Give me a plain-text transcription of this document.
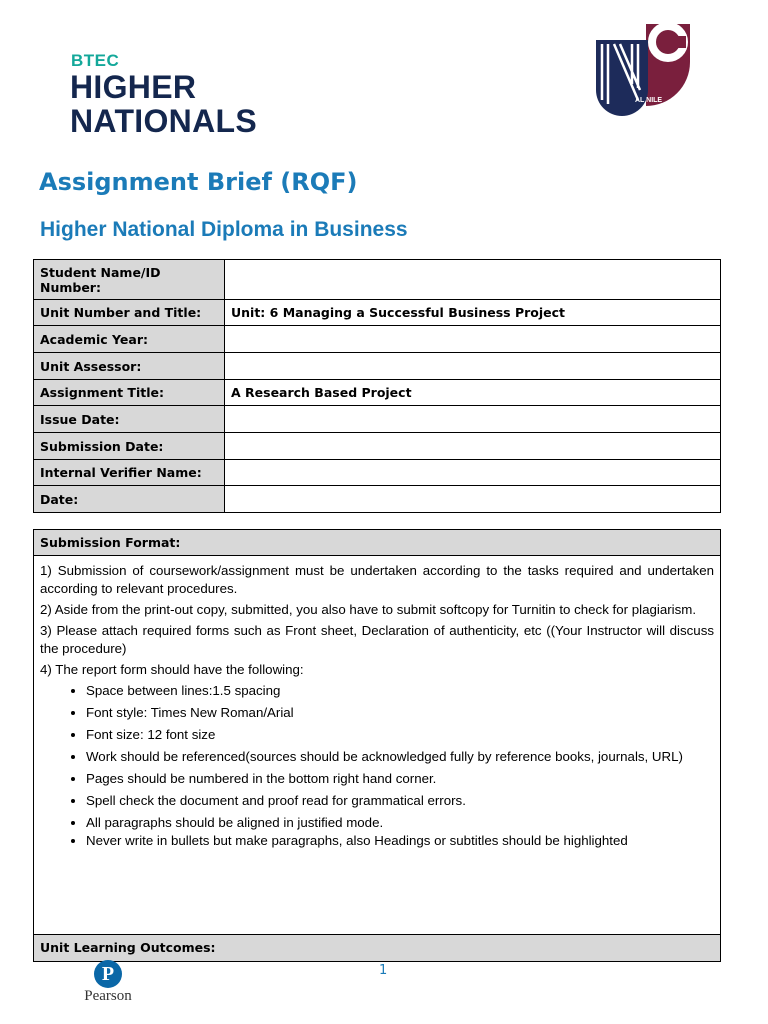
BTEC
HIGHER
NATIONALS
AL NILE
Assignment Brief (RQF)
Higher National Diploma in Business
Student Name/ID Number:	
Unit Number and Title:	Unit: 6 Managing a Successful Business Project
Academic Year:	
Unit Assessor:	
Assignment Title:	A Research Based Project
Issue Date:	
Submission Date:	
Internal Verifier Name:	
Date:	
Submission Format:

1) Submission of coursework/assignment must be undertaken according to the tasks required and undertaken according to relevant procedures.

2) Aside from the print-out copy, submitted, you also have to submit softcopy for Turnitin to check for plagiarism.

3) Please attach required forms such as Front sheet, Declaration of authenticity, etc ((Your Instructor will discuss the procedure)

4) The report form should have the following:

• Space between lines:1.5 spacing
• Font style: Times New Roman/Arial
• Font size: 12 font size
• Work should be referenced(sources should be acknowledged fully by reference books, journals, URL)
• Pages should be numbered in the bottom right hand corner.
• Spell check the document and proof read for grammatical errors.
• All paragraphs should be aligned in justified mode.
• Never write in bullets but make paragraphs, also Headings or subtitles should be highlighted
Unit Learning Outcomes:
P
Pearson
1
